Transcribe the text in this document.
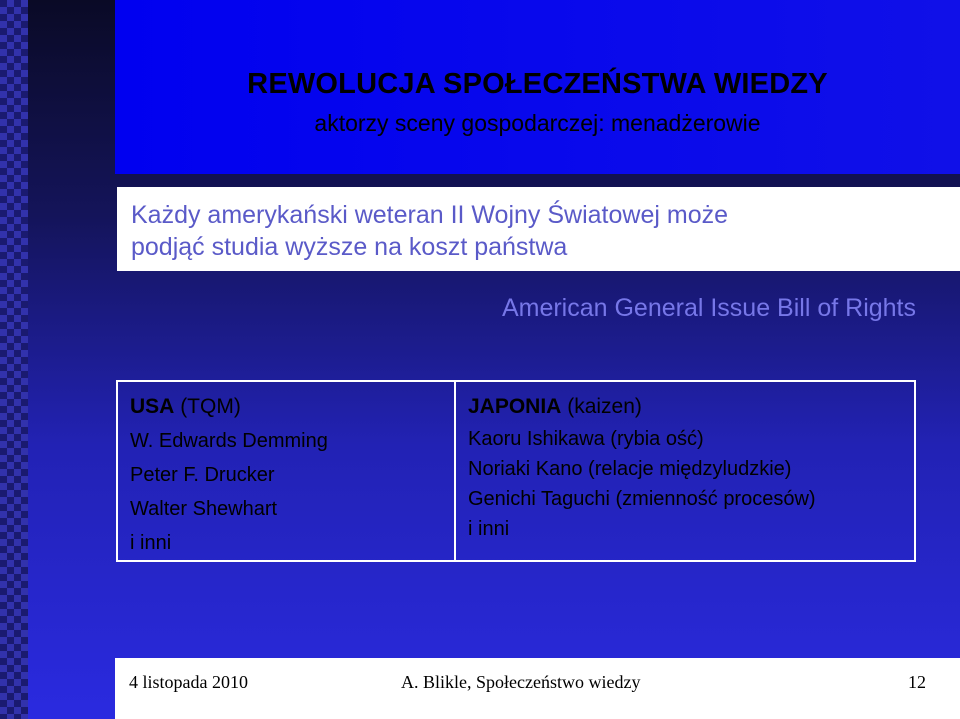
REWOLUCJA SPOŁECZEŃSTWA WIEDZY
aktorzy sceny gospodarczej: menadżerowie
Każdy amerykański weteran II Wojny Światowej może
podjąć studia wyższe na koszt państwa
American General Issue Bill of Rights
USA (TQM)
W. Edwards Demming
Peter F. Drucker
Walter Shewhart
i inni
JAPONIA (kaizen)
Kaoru Ishikawa (rybia ość)
Noriaki Kano (relacje międzyludzkie)
Genichi Taguchi (zmienność procesów)
i inni
4 listopada 2010	A. Blikle, Społeczeństwo wiedzy	12
